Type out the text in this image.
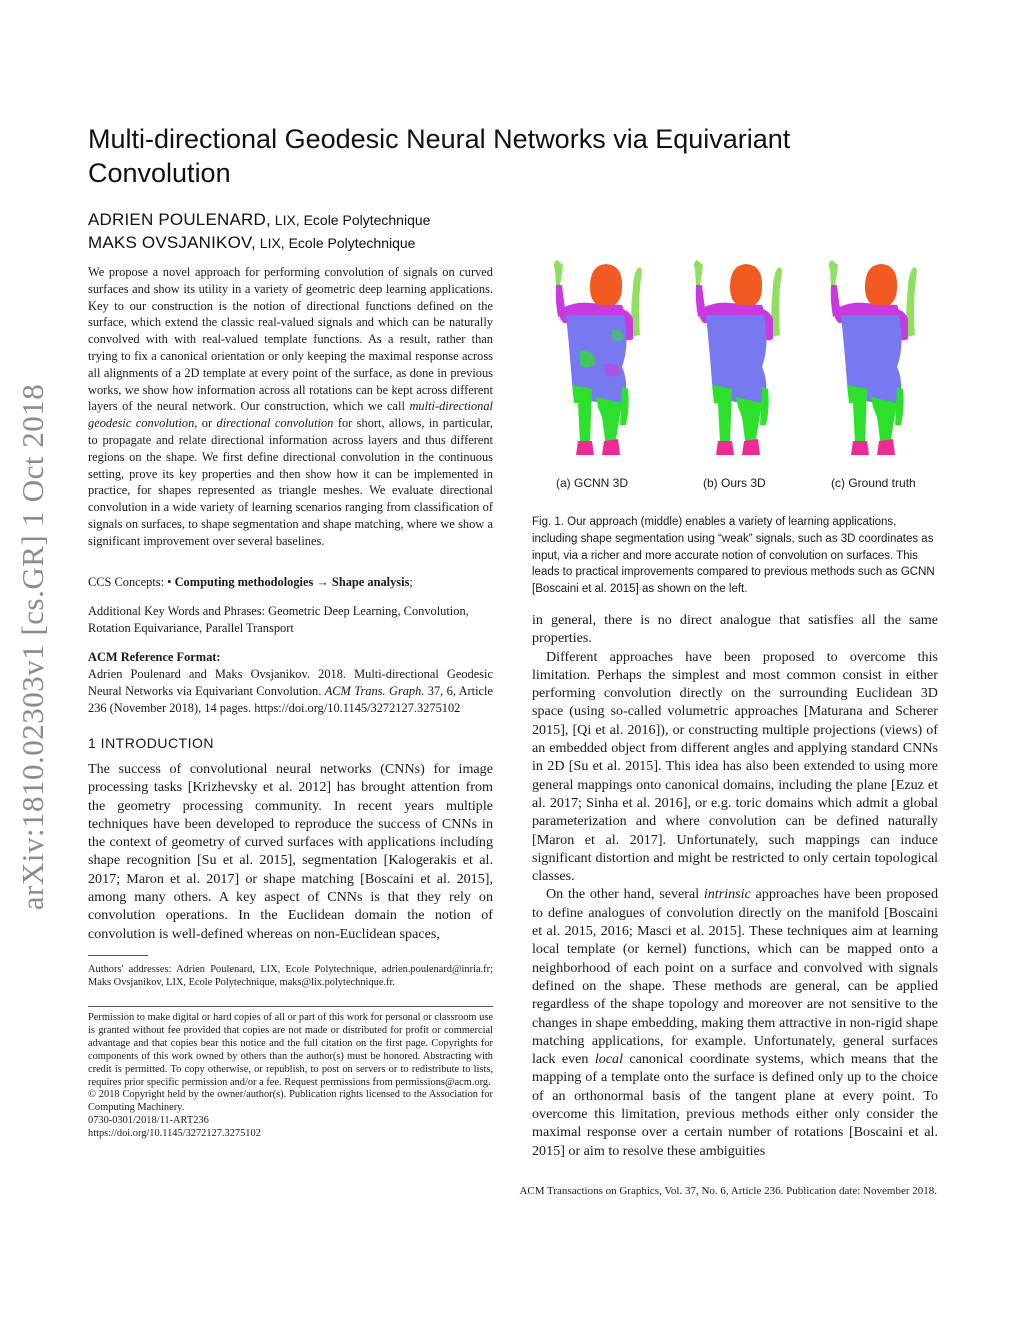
arXiv:1810.02303v1 [cs.GR] 1 Oct 2018
Multi-directional Geodesic Neural Networks via Equivariant Convolution
ADRIEN POULENARD, LIX, Ecole Polytechnique
MAKS OVSJANIKOV, LIX, Ecole Polytechnique

We propose a novel approach for performing convolution of signals on curved surfaces and show its utility in a variety of geometric deep learning applications. Key to our construction is the notion of directional functions defined on the surface, which extend the classic real-valued signals and which can be naturally convolved with with real-valued template functions. As a result, rather than trying to fix a canonical orientation or only keeping the maximal response across all alignments of a 2D template at every point of the surface, as done in previous works, we show how information across all rotations can be kept across different layers of the neural network. Our construction, which we call multi-directional geodesic convolution, or directional convolution for short, allows, in particular, to propagate and relate directional information across layers and thus different regions on the shape. We first define directional convolution in the continuous setting, prove its key properties and then show how it can be implemented in practice, for shapes represented as triangle meshes. We evaluate directional convolution in a wide variety of learning scenarios ranging from classification of signals on surfaces, to shape segmentation and shape matching, where we show a significant improvement over several baselines.

CCS Concepts: • Computing methodologies → Shape analysis;

Additional Key Words and Phrases: Geometric Deep Learning, Convolution, Rotation Equivariance, Parallel Transport

ACM Reference Format:

Adrien Poulenard and Maks Ovsjanikov. 2018. Multi-directional Geodesic Neural Networks via Equivariant Convolution. ACM Trans. Graph. 37, 6, Article 236 (November 2018), 14 pages. https://doi.org/10.1145/3272127.3275102

1 INTRODUCTION

The success of convolutional neural networks (CNNs) for image processing tasks [Krizhevsky et al. 2012] has brought attention from the geometry processing community. In recent years multiple techniques have been developed to reproduce the success of CNNs in the context of geometry of curved surfaces with applications including shape recognition [Su et al. 2015], segmentation [Kalogerakis et al. 2017; Maron et al. 2017] or shape matching [Boscaini et al. 2015], among many others. A key aspect of CNNs is that they rely on convolution operations. In the Euclidean domain the notion of convolution is well-defined whereas on non-Euclidean spaces,

Authors' addresses: Adrien Poulenard, LIX, Ecole Polytechnique, adrien.poulenard@inria.fr; Maks Ovsjanikov, LIX, Ecole Polytechnique, maks@lix.polytechnique.fr.

Permission to make digital or hard copies of all or part of this work for personal or classroom use is granted without fee provided that copies are not made or distributed for profit or commercial advantage and that copies bear this notice and the full citation on the first page. Copyrights for components of this work owned by others than the author(s) must be honored. Abstracting with credit is permitted. To copy otherwise, or republish, to post on servers or to redistribute to lists, requires prior specific permission and/or a fee. Request permissions from permissions@acm.org.
© 2018 Copyright held by the owner/author(s). Publication rights licensed to the Association for Computing Machinery.
0730-0301/2018/11-ART236
https://doi.org/10.1145/3272127.3275102
(a) GCNN 3D	(b) Ours 3D	(c) Ground truth

Fig. 1. Our approach (middle) enables a variety of learning applications, including shape segmentation using “weak” signals, such as 3D coordinates as input, via a richer and more accurate notion of convolution on surfaces. This leads to practical improvements compared to previous methods such as GCNN [Boscaini et al. 2015] as shown on the left.

in general, there is no direct analogue that satisfies all the same properties.
Different approaches have been proposed to overcome this limitation. Perhaps the simplest and most common consist in either performing convolution directly on the surrounding Euclidean 3D space (using so-called volumetric approaches [Maturana and Scherer 2015], [Qi et al. 2016]), or constructing multiple projections (views) of an embedded object from different angles and applying standard CNNs in 2D [Su et al. 2015]. This idea has also been extended to using more general mappings onto canonical domains, including the plane [Ezuz et al. 2017; Sinha et al. 2016], or e.g. toric domains which admit a global parameterization and where convolution can be defined naturally [Maron et al. 2017]. Unfortunately, such mappings can induce significant distortion and might be restricted to only certain topological classes.
On the other hand, several intrinsic approaches have been proposed to define analogues of convolution directly on the manifold [Boscaini et al. 2015, 2016; Masci et al. 2015]. These techniques aim at learning local template (or kernel) functions, which can be mapped onto a neighborhood of each point on a surface and convolved with signals defined on the shape. These methods are general, can be applied regardless of the shape topology and moreover are not sensitive to the changes in shape embedding, making them attractive in non-rigid shape matching applications, for example. Unfortunately, general surfaces lack even local canonical coordinate systems, which means that the mapping of a template onto the surface is defined only up to the choice of an orthonormal basis of the tangent plane at every point. To overcome this limitation, previous methods either only consider the maximal response over a certain number of rotations [Boscaini et al. 2015] or aim to resolve these ambiguities

ACM Transactions on Graphics, Vol. 37, No. 6, Article 236. Publication date: November 2018.
